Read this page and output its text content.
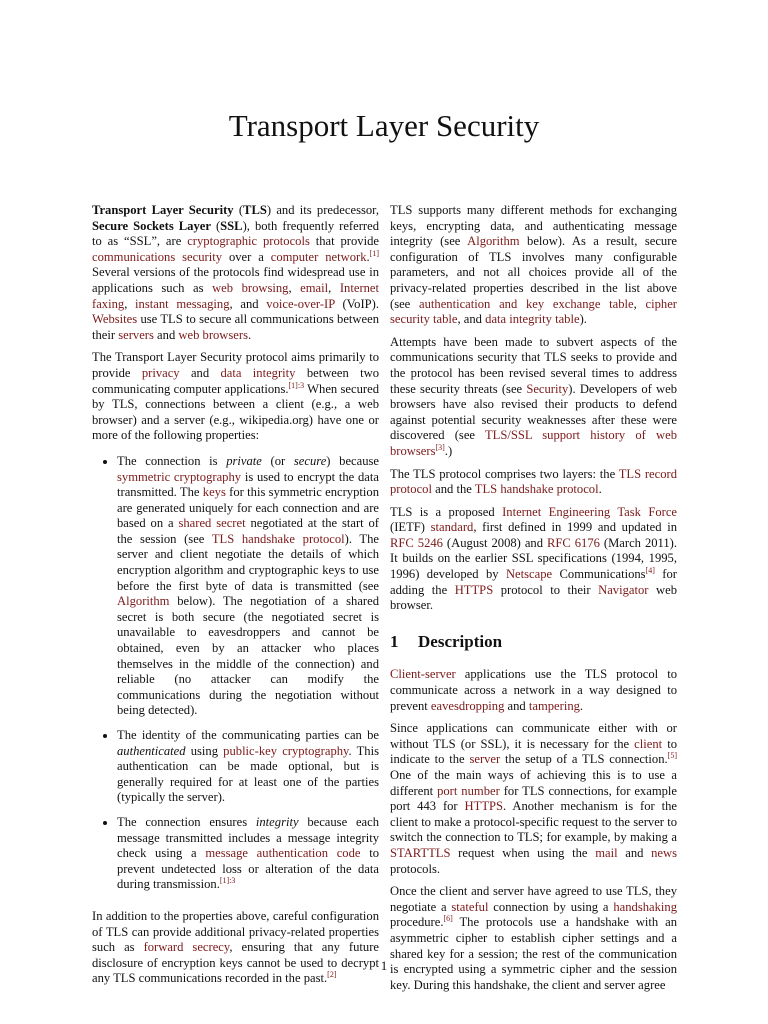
Transport Layer Security

Transport Layer Security (TLS) and its predecessor, Secure Sockets Layer (SSL), both frequently referred to as “SSL”, are cryptographic protocols that provide communications security over a computer network.[1] Several versions of the protocols find widespread use in applications such as web browsing, email, Internet faxing, instant messaging, and voice-over-IP (VoIP). Websites use TLS to secure all communications between their servers and web browsers.

The Transport Layer Security protocol aims primarily to provide privacy and data integrity between two communicating computer applications.$^{[1]:3}$ When secured by TLS, connections between a client (e.g., a web browser) and a server (e.g., wikipedia.org) have one or more of the following properties:

• The connection is private (or secure) because symmetric cryptography is used to encrypt the data transmitted. The keys for this symmetric encryption are generated uniquely for each connection and are based on a shared secret negotiated at the start of the session (see TLS handshake protocol). The server and client negotiate the details of which encryption algorithm and cryptographic keys to use before the first byte of data is transmitted (see Algorithm below). The negotiation of a shared secret is both secure (the negotiated secret is unavailable to eavesdroppers and cannot be obtained, even by an attacker who places themselves in the middle of the connection) and reliable (no attacker can modify the communications during the negotiation without being detected).
• The identity of the communicating parties can be authenticated using public-key cryptography. This authentication can be made optional, but is generally required for at least one of the parties (typically the server).
• The connection ensures integrity because each message transmitted includes a message integrity check using a message authentication code to prevent undetected loss or alteration of the data during transmission.$^{[1]:3}$

In addition to the properties above, careful configuration of TLS can provide additional privacy-related properties such as forward secrecy, ensuring that any future disclosure of encryption keys cannot be used to decrypt any TLS communications recorded in the past.[2]

TLS supports many different methods for exchanging keys, encrypting data, and authenticating message integrity (see Algorithm below). As a result, secure configuration of TLS involves many configurable parameters, and not all choices provide all of the privacy-related properties described in the list above (see authentication and key exchange table, cipher security table, and data integrity table).

Attempts have been made to subvert aspects of the communications security that TLS seeks to provide and the protocol has been revised several times to address these security threats (see Security). Developers of web browsers have also revised their products to defend against potential security weaknesses after these were discovered (see TLS/SSL support history of web browsers[3].)

The TLS protocol comprises two layers: the TLS record protocol and the TLS handshake protocol.

TLS is a proposed Internet Engineering Task Force (IETF) standard, first defined in 1999 and updated in RFC 5246 (August 2008) and RFC 6176 (March 2011). It builds on the earlier SSL specifications (1994, 1995, 1996) developed by Netscape Communications[4] for adding the HTTPS protocol to their Navigator web browser.

1 Description

Client-server applications use the TLS protocol to communicate across a network in a way designed to prevent eavesdropping and tampering.

Since applications can communicate either with or without TLS (or SSL), it is necessary for the client to indicate to the server the setup of a TLS connection.[5] One of the main ways of achieving this is to use a different port number for TLS connections, for example port 443 for HTTPS. Another mechanism is for the client to make a protocol-specific request to the server to switch the connection to TLS; for example, by making a STARTTLS request when using the mail and news protocols.

Once the client and server have agreed to use TLS, they negotiate a stateful connection by using a handshaking procedure.[6] The protocols use a handshake with an asymmetric cipher to establish cipher settings and a shared key for a session; the rest of the communication is encrypted using a symmetric cipher and the session key. During this handshake, the client and server agree

1
